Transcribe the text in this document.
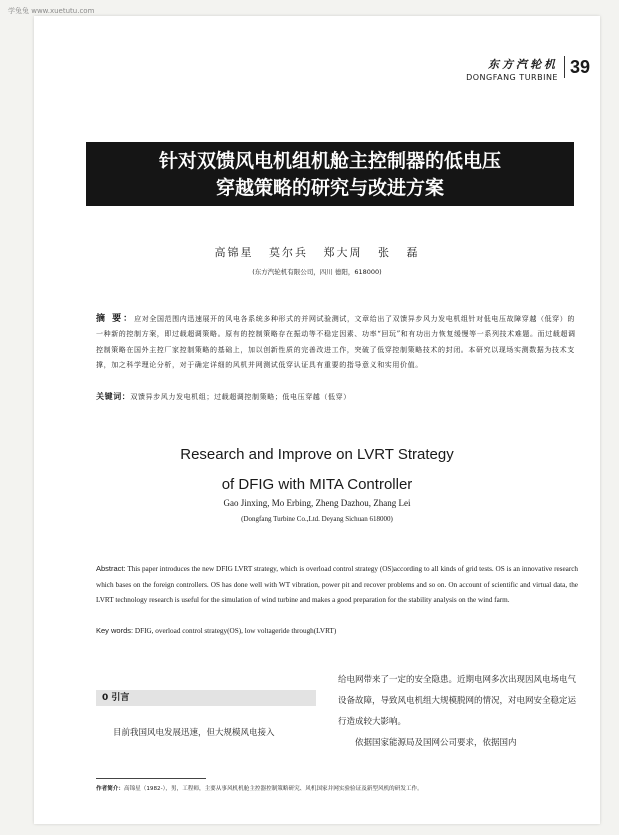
学兔兔 www.xuetutu.com
东方汽轮机
DONGFANG TURBINE
39
针对双馈风电机组机舱主控制器的低电压
穿越策略的研究与改进方案
高锦星 莫尔兵 郑大周 张 磊
(东方汽轮机有限公司，四川 德阳，618000)
摘 要：应对全国范围内迅速展开的风电各系统多种形式的并网试验测试，文章给出了双馈异步风力发电机组针对低电压故障穿越（低穿）的一种新的控制方案，即过载超调策略。原有的控制策略存在振动等不稳定因素、功率“回玩”和有功出力恢复缓慢等一系列技术难题。而过载超调控制策略在国外主控厂家控制策略的基础上，加以创新性质的完善改进工作，突破了低穿控制策略技术的封闭。本研究以现场实测数据为技术支撑，加之科学理论分析，对于确定详细的风机并网测试低穿认证具有重要的指导意义和实用价值。
关键词：双馈异步风力发电机组；过载超调控制策略；低电压穿越（低穿）
Research and Improve on LVRT Strategy
of DFIG with MITA Controller
Gao Jinxing, Mo Erbing, Zheng Dazhou, Zhang Lei
(Dongfang Turbine Co.,Ltd. Deyang Sichuan 618000)
Abstract: This paper introduces the new DFIG LVRT strategy, which is overload control strategy (OS)according to all kinds of grid tests. OS is an innovative research which bases on the foreign controllers. OS has done well with WT vibration, power pit and recover problems and so on. On account of scientific and virtual data, the LVRT technology research is useful for the simulation of wind turbine and makes a good preparation for the stability analysis on the wind farm.
Key words: DFIG, overload control strategy(OS), low voltageride through(LVRT)
0 引言
目前我国风电发展迅速，但大规模风电接入

给电网带来了一定的安全隐患。近期电网多次出现因风电场电气设备故障，导致风电机组大规模脱网的情况，对电网安全稳定运行造成较大影响。

依据国家能源局及国网公司要求，依据国内

作者简介：高锦星（1982-），男，工程师，主要从事风机机舱主控器控制策略研究、风机国家并网实验验证及新型风机的研发工作。
